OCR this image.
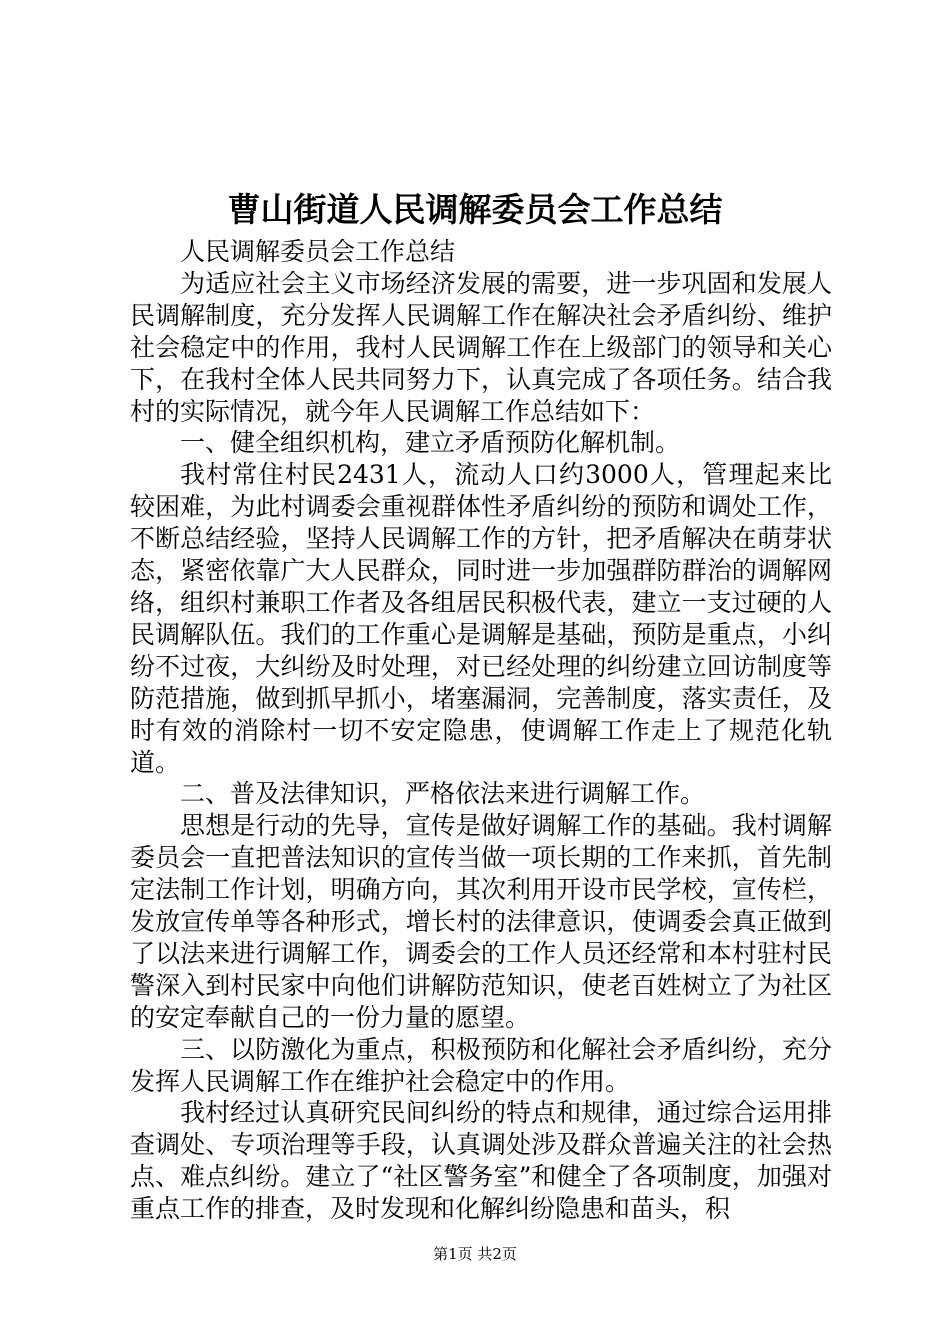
曹山街道人民调解委员会工作总结

人民调解委员会工作总结

为适应社会主义市场经济发展的需要，进一步巩固和发展人民调解制度，充分发挥人民调解工作在解决社会矛盾纠纷、维护社会稳定中的作用，我村人民调解工作在上级部门的领导和关心下，在我村全体人民共同努力下，认真完成了各项任务。结合我村的实际情况，就今年人民调解工作总结如下：

一、健全组织机构，建立矛盾预防化解机制。

我村常住村民2431人，流动人口约3000人，管理起来比较困难，为此村调委会重视群体性矛盾纠纷的预防和调处工作，不断总结经验，坚持人民调解工作的方针，把矛盾解决在萌芽状态，紧密依靠广大人民群众，同时进一步加强群防群治的调解网络，组织村兼职工作者及各组居民积极代表，建立一支过硬的人民调解队伍。我们的工作重心是调解是基础，预防是重点，小纠纷不过夜，大纠纷及时处理，对已经处理的纠纷建立回访制度等防范措施，做到抓早抓小，堵塞漏洞，完善制度，落实责任，及时有效的消除村一切不安定隐患，使调解工作走上了规范化轨道。

二、普及法律知识，严格依法来进行调解工作。

思想是行动的先导，宣传是做好调解工作的基础。我村调解委员会一直把普法知识的宣传当做一项长期的工作来抓，首先制定法制工作计划，明确方向，其次利用开设市民学校，宣传栏，发放宣传单等各种形式，增长村的法律意识，使调委会真正做到了以法来进行调解工作，调委会的工作人员还经常和本村驻村民警深入到村民家中向他们讲解防范知识，使老百姓树立了为社区的安定奉献自己的一份力量的愿望。

三、以防激化为重点，积极预防和化解社会矛盾纠纷，充分发挥人民调解工作在维护社会稳定中的作用。

我村经过认真研究民间纠纷的特点和规律，通过综合运用排查调处、专项治理等手段，认真调处涉及群众普遍关注的社会热点、难点纠纷。建立了“社区警务室”和健全了各项制度，加强对重点工作的排查，及时发现和化解纠纷隐患和苗头，积

第1页 共2页
